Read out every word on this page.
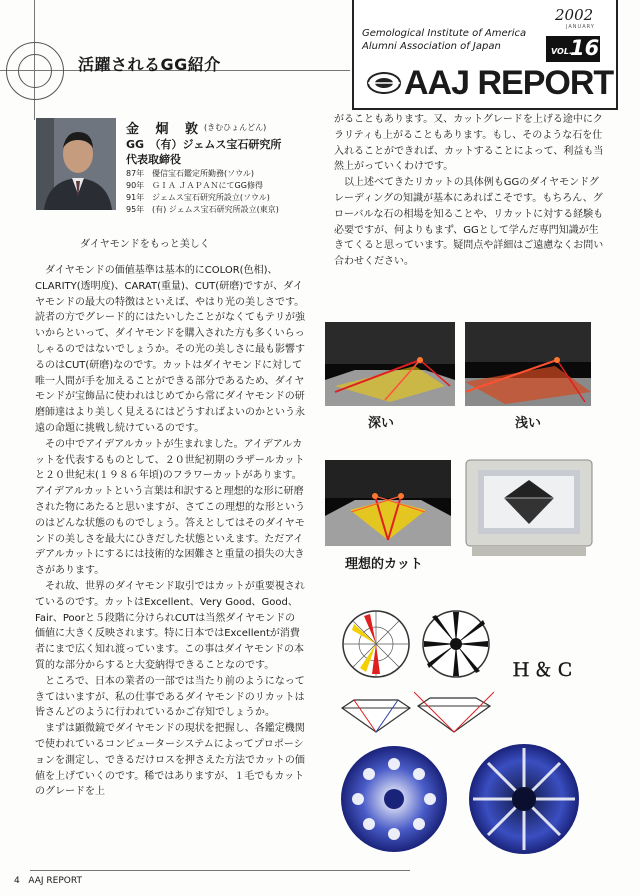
活躍されるGG紹介
Gemological Institute of America
Alumni Association of Japan
2002
JANUARY
VOL.
16
AAJ REPORT
金 炯 敦 (きむひょんどん)
GG　（有）ジェムス宝石研究所
代表取締役
87年 優信宝石鑑定所勤務(ソウル)
90年 ＧＩＡ ＪＡＰＡＮにてGG修得
91年 ジェムス宝石研究所設立(ソウル)
95年 (有) ジェムス宝石研究所設立(東京)
ダイヤモンドをもっと美しく

ダイヤモンドの価値基準は基本的にCOLOR(色相)、CLARITY(透明度)、CARAT(重量)、CUT(研磨)ですが、ダイヤモンドの最大の特徴はといえば、やはり光の美しさです。読者の方でグレード的にはたいしたことがなくてもテリが強いからといって、ダイヤモンドを購入された方も多くいらっしゃるのではないでしょうか。その光の美しさに最も影響するのはCUT(研磨)なのです。カットはダイヤモンドに対して唯一人間が手を加えることができる部分であるため、ダイヤモンドが宝飾品に使われはじめてから常にダイヤモンドの研磨師達はより美しく見えるにはどうすればよいのかという永遠の命題に挑戦し続けているのです。

その中でアイデアルカットが生まれました。アイデアルカットを代表するものとして、２０世紀初期のラザールカットと２０世紀末(１９８６年頃)のフラワーカットがあります。アイデアルカットという言葉は和訳すると理想的な形に研磨された物にあたると思いますが、さてこの理想的な形というのはどんな状態のものでしょう。答えとしてはそのダイヤモンドの美しさを最大にひきだした状態といえます。ただアイデアルカットにするには技術的な困難さと重量の損失の大きさがあります。

それ故、世界のダイヤモンド取引ではカットが重要視されているのです。カットはExcellent、Very Good、Good、Fair、Poorと５段階に分けられCUTは当然ダイヤモンドの価値に大きく反映されます。特に日本ではExcellentが消費者にまで広く知れ渡っています。この事はダイヤモンドの本質的な部分からすると大変納得できることなのです。

ところで、日本の業者の一部では当たり前のようになってきてはいますが、私の仕事であるダイヤモンドのリカットは皆さんどのように行われているかご存知でしょうか。

まずは顕微鏡でダイヤモンドの現状を把握し、各鑑定機関で使われているコンピューターシステムによってプロポーションを測定し、できるだけロスを押さえた方法でカットの価値を上げていくのです。稀ではありますが、１毛でもカットのグレードを上

がることもあります。又、カットグレードを上げる途中にクラリティも上がることもあります。もし、そのような石を仕入れることができれば、カットすることによって、利益も当然上がっていくわけです。

以上述べてきたリカットの具体例もGGのダイヤモンドグレーディングの知識が基本にあればこそです。もちろん、グローバルな石の相場を知ることや、リカットに対する経験も必要ですが、何よりもまず、GGとして学んだ専門知識が生きてくると思っています。疑問点や詳細はご遠慮なくお問い合わせください。

深い	浅い
理想的カット
Ｈ＆Ｃ
4 AAJ REPORT
